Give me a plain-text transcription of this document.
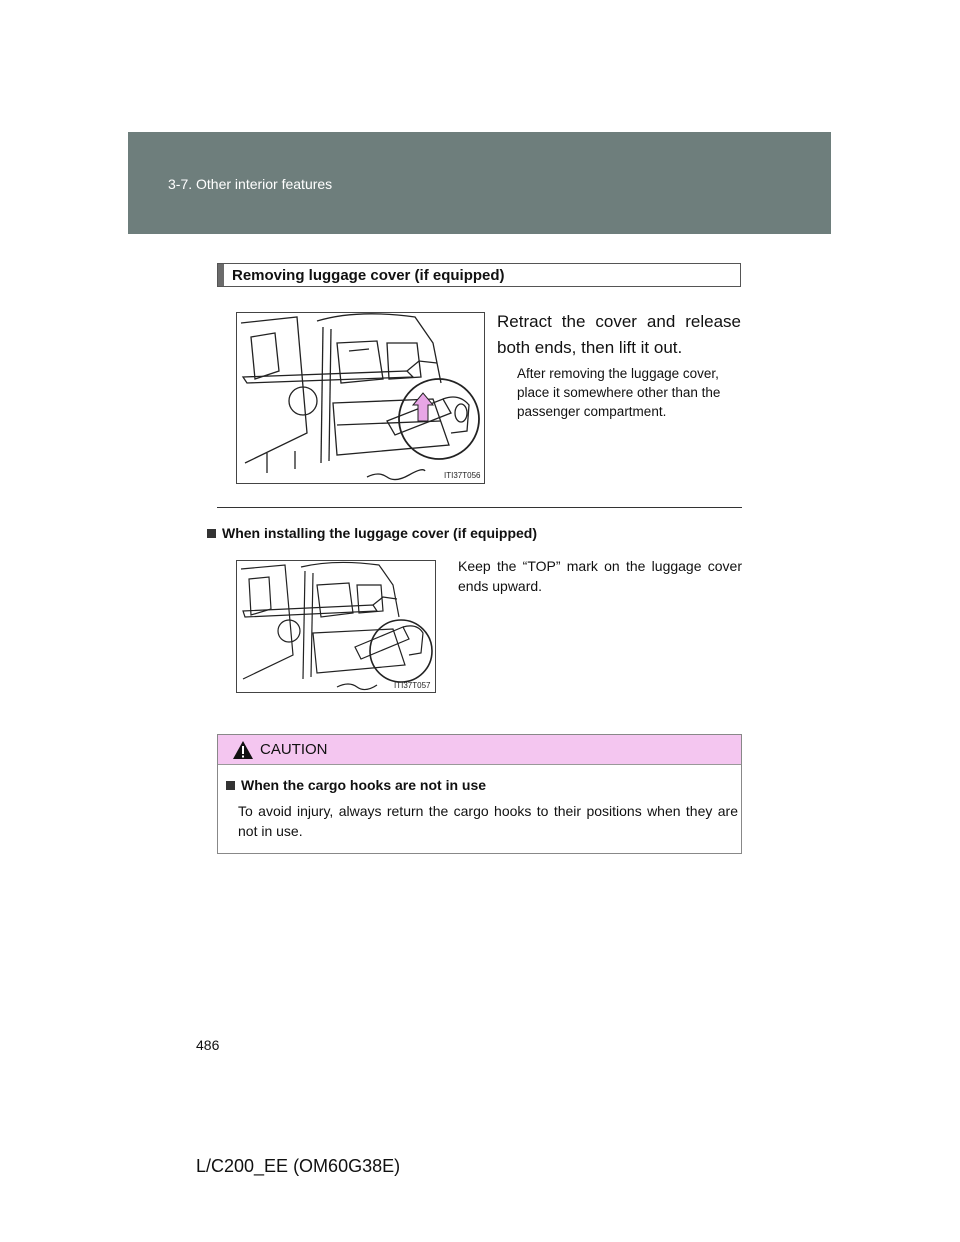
3-7. Other interior features
Removing luggage cover (if equipped)
ITI37T056
Retract the cover and release both ends, then lift it out.
After removing the luggage cover, place it somewhere other than the passenger compartment.
When installing the luggage cover (if equipped)
Keep the “TOP” mark on the luggage cover ends upward.
ITI37T057
CAUTION
When the cargo hooks are not in use
To avoid injury, always return the cargo hooks to their positions when they are not in use.
486
L/C200_EE (OM60G38E)
